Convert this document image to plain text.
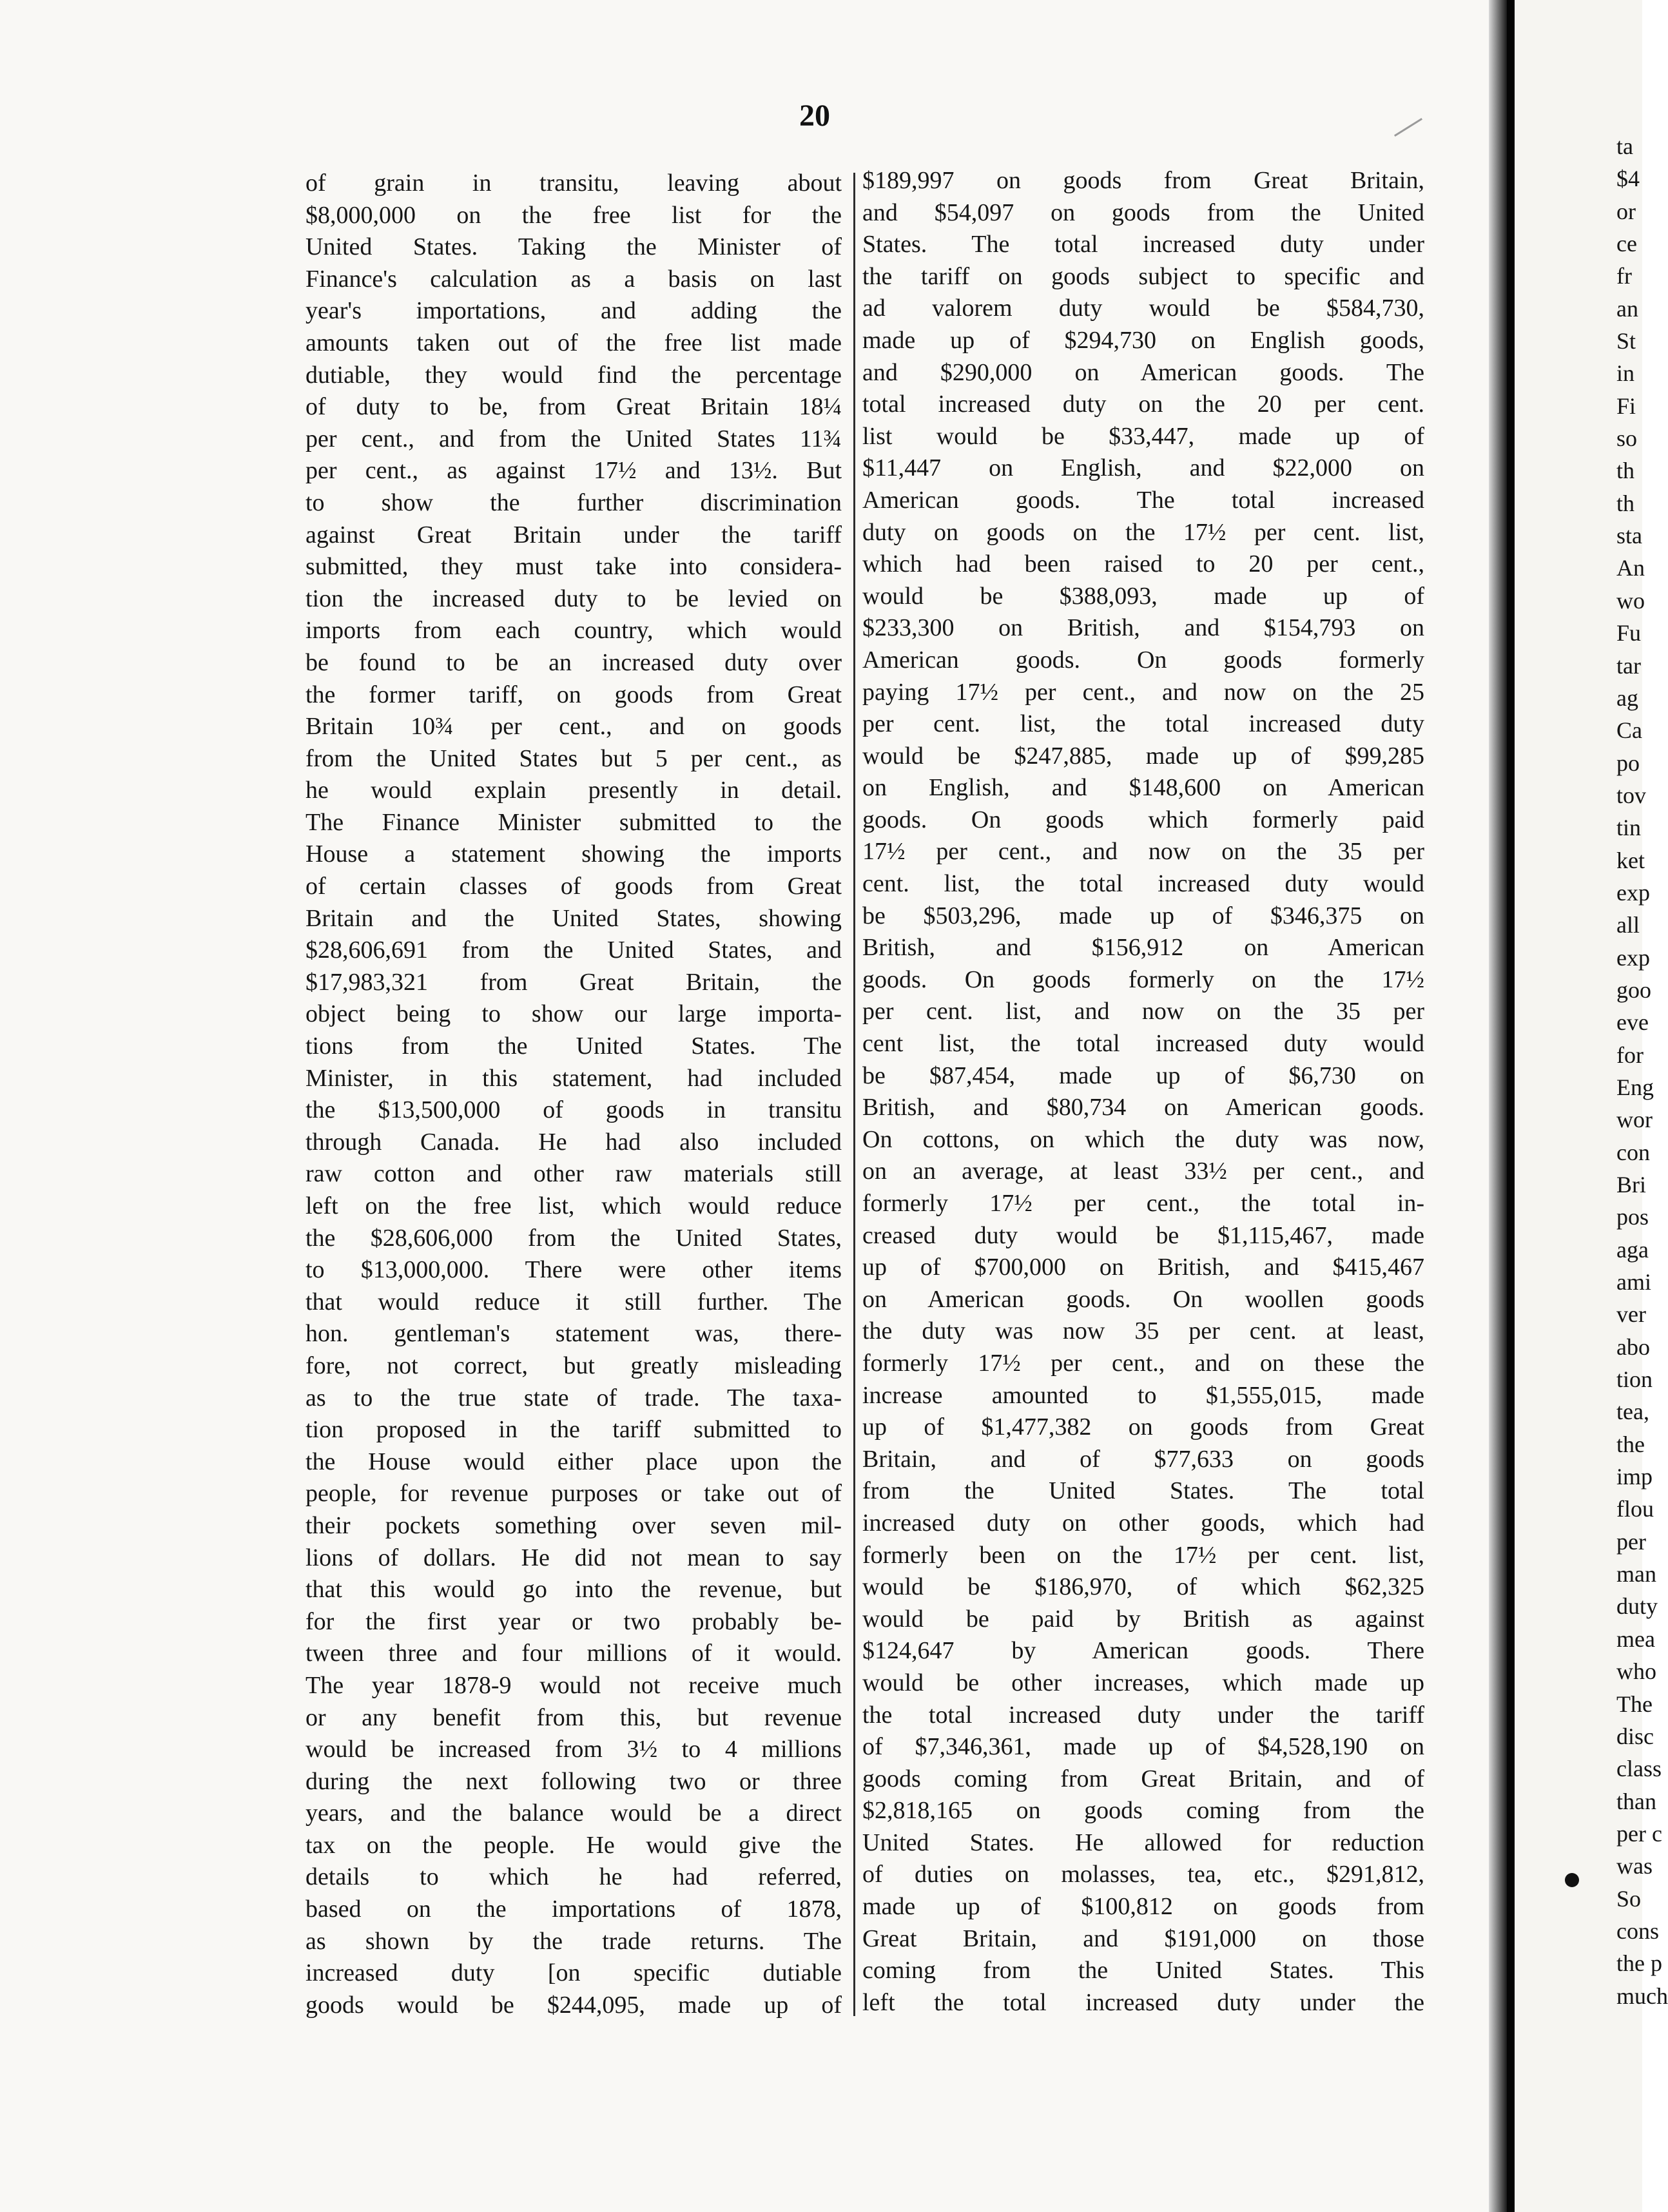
20

of grain in transitu, leaving about
$8,000,000 on the free list for the
United States. Taking the Minister of
Finance's calculation as a basis on last
year's importations, and adding the
amounts taken out of the free list made
dutiable, they would find the percentage
of duty to be, from Great Britain 18¼
per cent., and from the United States 11¾
per cent., as against 17½ and 13½. But
to show the further discrimination
against Great Britain under the tariff
submitted, they must take into considera-
tion the increased duty to be levied on
imports from each country, which would
be found to be an increased duty over
the former tariff, on goods from Great
Britain 10¾ per cent., and on goods
from the United States but 5 per cent., as
he would explain presently in detail.
The Finance Minister submitted to the
House a statement showing the imports
of certain classes of goods from Great
Britain and the United States, showing
$28,606,691 from the United States, and
$17,983,321 from Great Britain, the
object being to show our large importa-
tions from the United States. The
Minister, in this statement, had included
the $13,500,000 of goods in transitu
through Canada. He had also included
raw cotton and other raw materials still
left on the free list, which would reduce
the $28,606,000 from the United States,
to $13,000,000. There were other items
that would reduce it still further. The
hon. gentleman's statement was, there-
fore, not correct, but greatly misleading
as to the true state of trade. The taxa-
tion proposed in the tariff submitted to
the House would either place upon the
people, for revenue purposes or take out of
their pockets something over seven mil-
lions of dollars. He did not mean to say
that this would go into the revenue, but
for the first year or two probably be-
tween three and four millions of it would.
The year 1878-9 would not receive much
or any benefit from this, but revenue
would be increased from 3½ to 4 millions
during the next following two or three
years, and the balance would be a direct
tax on the people. He would give the
details to which he had referred,
based on the importations of 1878,
as shown by the trade returns. The
increased duty [on specific dutiable
goods would be $244,095, made up of
$189,997 on goods from Great Britain,
and $54,097 on goods from the United
States. The total increased duty under
the tariff on goods subject to specific and
ad valorem duty would be $584,730,
made up of $294,730 on English goods,
and $290,000 on American goods. The
total increased duty on the 20 per cent.
list would be $33,447, made up of
$11,447 on English, and $22,000 on
American goods. The total increased
duty on goods on the 17½ per cent. list,
which had been raised to 20 per cent.,
would be $388,093, made up of
$233,300 on British, and $154,793 on
American goods. On goods formerly
paying 17½ per cent., and now on the 25
per cent. list, the total increased duty
would be $247,885, made up of $99,285
on English, and $148,600 on American
goods. On goods which formerly paid
17½ per cent., and now on the 35 per
cent. list, the total increased duty would
be $503,296, made up of $346,375 on
British, and $156,912 on American
goods. On goods formerly on the 17½
per cent. list, and now on the 35 per
cent list, the total increased duty would
be $87,454, made up of $6,730 on
British, and $80,734 on American goods.
On cottons, on which the duty was now,
on an average, at least 33½ per cent., and
formerly 17½ per cent., the total in-
creased duty would be $1,115,467, made
up of $700,000 on British, and $415,467
on American goods. On woollen goods
the duty was now 35 per cent. at least,
formerly 17½ per cent., and on these the
increase amounted to $1,555,015, made
up of $1,477,382 on goods from Great
Britain, and of $77,633 on goods
from the United States. The total
increased duty on other goods, which had
formerly been on the 17½ per cent. list,
would be $186,970, of which $62,325
would be paid by British as against
$124,647 by American goods. There
would be other increases, which made up
the total increased duty under the tariff
of $7,346,361, made up of $4,528,190 on
goods coming from Great Britain, and of
$2,818,165 on goods coming from the
United States. He allowed for reduction
of duties on molasses, tea, etc., $291,812,
made up of $100,812 on goods from
Great Britain, and $191,000 on those
coming from the United States. This
left the total increased duty under the
ta
$4
or
ce
fr
an
St
in
Fi
so
th
th
sta
An
wo
Fu
tar
ag
Ca
po
tov
tin
ket
exp
all
exp
goo
eve
for
Eng
wor
con
Bri
pos
aga
ami
ver
abo
tion
tea,
the
imp
flou
per
man
duty
mea
who
The
disc
class
than
per c
was
So
cons
the p
much
